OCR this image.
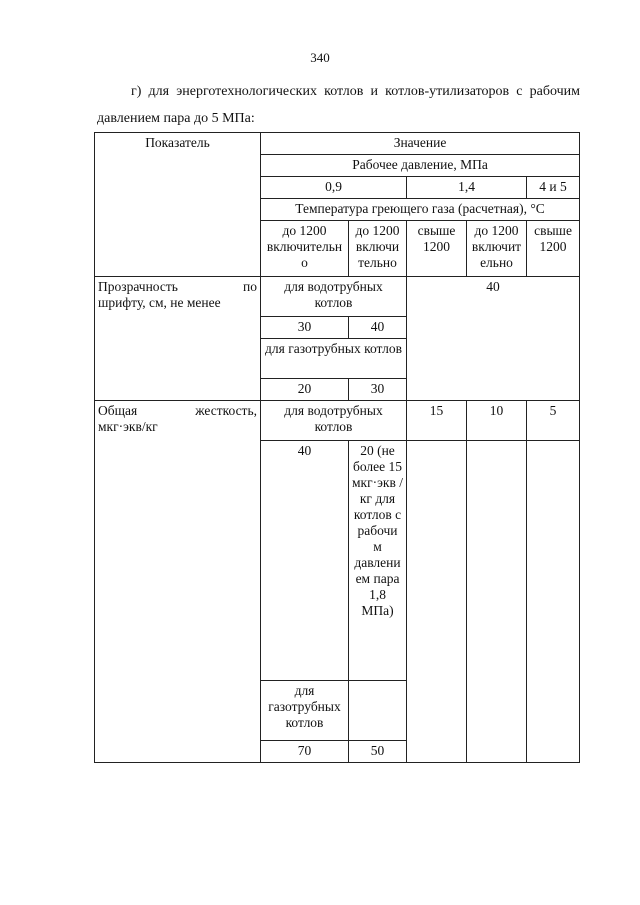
340
г) для энерготехнологических котлов и котлов-утилизаторов с рабочим
давлением пара до 5 МПа:
Показатель	Значение				
	Рабочее давление, МПа				
	0,9		1,4		4 и 5
	Температура греющего газа (расчетная), °С				
	до 1200 включительн о	до 1200 включи тельно	свыше 1200	до 1200 включит ельно	свыше 1200

Прозрачность по
шрифту, см, не менее	для водотрубных котлов		40		
	30	40			
	для газотрубных котлов				
	20	30			

Общая жесткость,
мкг·экв/кг	для водотрубных котлов		15	10	5
	40	20 (не более 15 мкг·экв /кг для котлов с рабочи м давлени ем пара 1,8 МПа)			
	для газотрубных котлов				
	70	50			
